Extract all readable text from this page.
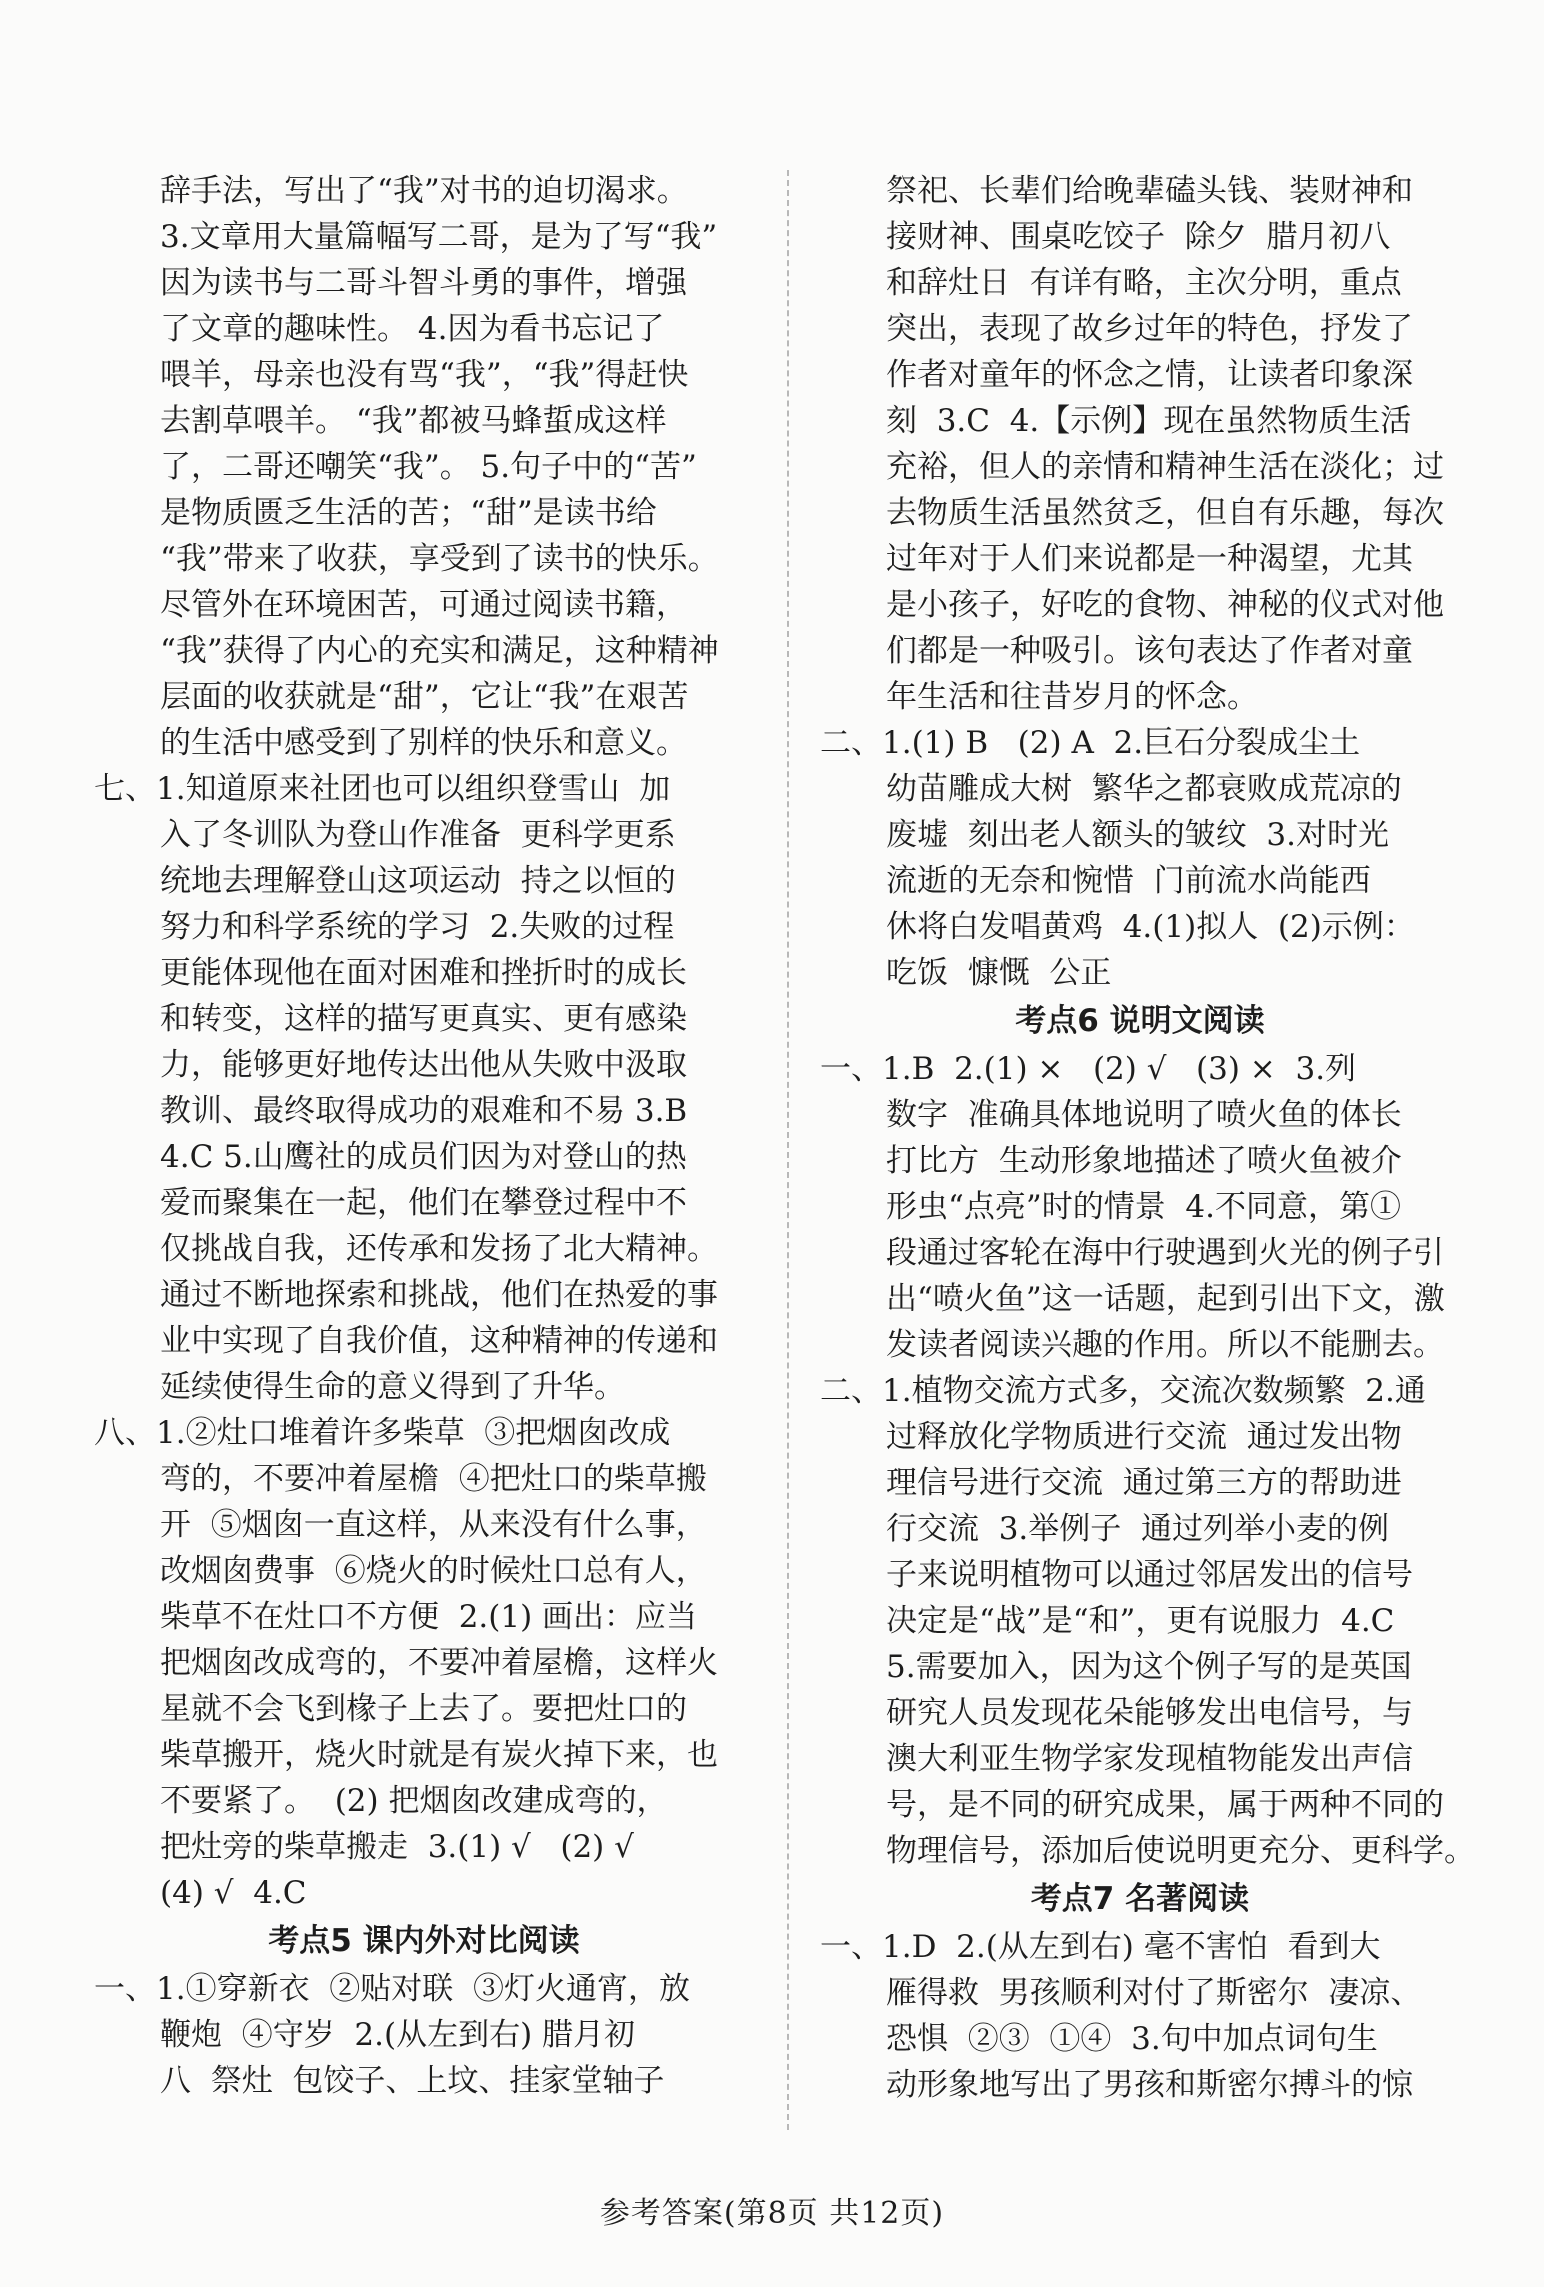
辞手法，写出了“我”对书的迫切渴求。
3.文章用大量篇幅写二哥，是为了写“我”
因为读书与二哥斗智斗勇的事件，增强
了文章的趣味性。 4.因为看书忘记了
喂羊，母亲也没有骂“我”，“我”得赶快
去割草喂羊。 “我”都被马蜂蜇成这样
了，二哥还嘲笑“我”。 5.句子中的“苦”
是物质匮乏生活的苦；“甜”是读书给
“我”带来了收获，享受到了读书的快乐。
尽管外在环境困苦，可通过阅读书籍，
“我”获得了内心的充实和满足，这种精神
层面的收获就是“甜”，它让“我”在艰苦
的生活中感受到了别样的快乐和意义。
七、1.知道原来社团也可以组织登雪山  加
入了冬训队为登山作准备  更科学更系
统地去理解登山这项运动  持之以恒的
努力和科学系统的学习  2.失败的过程
更能体现他在面对困难和挫折时的成长
和转变，这样的描写更真实、更有感染
力，能够更好地传达出他从失败中汲取
教训、最终取得成功的艰难和不易 3.B
4.C 5.山鹰社的成员们因为对登山的热
爱而聚集在一起，他们在攀登过程中不
仅挑战自我，还传承和发扬了北大精神。
通过不断地探索和挑战，他们在热爱的事
业中实现了自我价值，这种精神的传递和
延续使得生命的意义得到了升华。
八、1.②灶口堆着许多柴草  ③把烟囱改成
弯的，不要冲着屋檐  ④把灶口的柴草搬
开  ⑤烟囱一直这样，从来没有什么事，
改烟囱费事  ⑥烧火的时候灶口总有人，
柴草不在灶口不方便  2.(1) 画出：应当
把烟囱改成弯的，不要冲着屋檐，这样火
星就不会飞到椽子上去了。要把灶口的
柴草搬开，烧火时就是有炭火掉下来，也
不要紧了。  (2) 把烟囱改建成弯的，
把灶旁的柴草搬走  3.(1) √   (2) √
(4) √  4.C
考点5 课内外对比阅读
一、1.①穿新衣  ②贴对联  ③灯火通宵，放
鞭炮  ④守岁  2.(从左到右) 腊月初
八  祭灶  包饺子、上坟、挂家堂轴子
祭祀、长辈们给晚辈磕头钱、装财神和
接财神、围桌吃饺子  除夕  腊月初八
和辞灶日  有详有略，主次分明，重点
突出，表现了故乡过年的特色，抒发了
作者对童年的怀念之情，让读者印象深
刻  3.C  4.【示例】现在虽然物质生活
充裕，但人的亲情和精神生活在淡化；过
去物质生活虽然贫乏，但自有乐趣，每次
过年对于人们来说都是一种渴望，尤其
是小孩子，好吃的食物、神秘的仪式对他
们都是一种吸引。该句表达了作者对童
年生活和往昔岁月的怀念。
二、1.(1) B   (2) A  2.巨石分裂成尘土
幼苗雕成大树  繁华之都衰败成荒凉的
废墟  刻出老人额头的皱纹  3.对时光
流逝的无奈和惋惜  门前流水尚能西
休将白发唱黄鸡  4.(1)拟人  (2)示例：
吃饭  慷慨  公正
考点6 说明文阅读
一、1.B  2.(1) ×   (2) √   (3) ×  3.列
数字  准确具体地说明了喷火鱼的体长
打比方  生动形象地描述了喷火鱼被介
形虫“点亮”时的情景  4.不同意，第①
段通过客轮在海中行驶遇到火光的例子引
出“喷火鱼”这一话题，起到引出下文，激
发读者阅读兴趣的作用。所以不能删去。
二、1.植物交流方式多，交流次数频繁  2.通
过释放化学物质进行交流  通过发出物
理信号进行交流  通过第三方的帮助进
行交流  3.举例子  通过列举小麦的例
子来说明植物可以通过邻居发出的信号
决定是“战”是“和”，更有说服力  4.C
5.需要加入，因为这个例子写的是英国
研究人员发现花朵能够发出电信号，与
澳大利亚生物学家发现植物能发出声信
号，是不同的研究成果，属于两种不同的
物理信号，添加后使说明更充分、更科学。
考点7 名著阅读
一、1.D  2.(从左到右) 毫不害怕  看到大
雁得救  男孩顺利对付了斯密尔  凄凉、
恐惧  ②③  ①④  3.句中加点词句生
动形象地写出了男孩和斯密尔搏斗的惊
参考答案(第8页 共12页)
